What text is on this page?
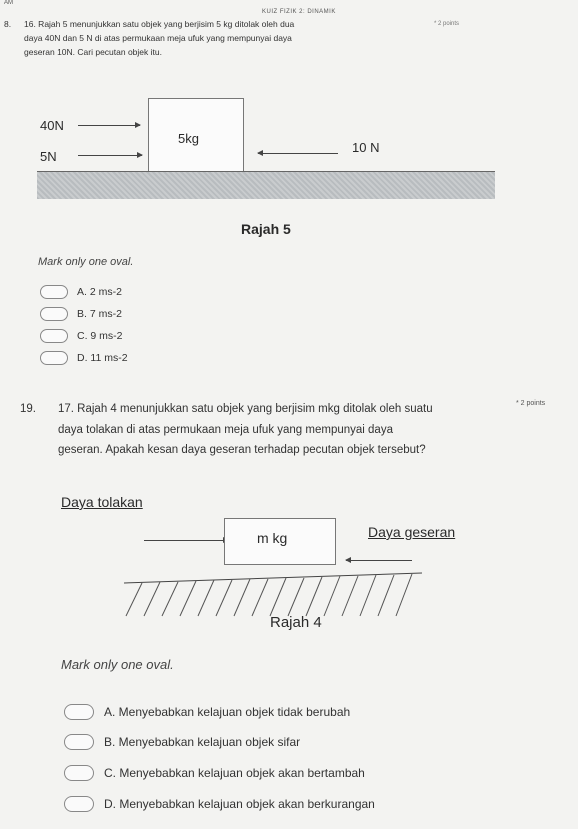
AM
KUIZ FIZIK 2: DINAMIK
8. 16. Rajah 5 menunjukkan satu objek yang berjisim 5 kg ditolak oleh dua	* 2 points
daya 40N dan 5 N di atas permukaan meja ufuk yang mempunyai daya
geseran 10N. Cari pecutan objek itu.
40N
5N
5kg
10 N
Rajah 5
Mark only one oval.
A. 2 ms-2
B. 7 ms-2
C. 9 ms-2
D. 11 ms-2
19. 17. Rajah 4 menunjukkan satu objek yang berjisim mkg ditolak oleh suatu	* 2 points
daya tolakan di atas permukaan meja ufuk yang mempunyai daya
geseran. Apakah kesan daya geseran terhadap pecutan objek tersebut?
Daya tolakan
m kg	Daya geseran
Rajah 4
Mark only one oval.
A. Menyebabkan kelajuan objek tidak berubah
B. Menyebabkan kelajuan objek sifar
C. Menyebabkan kelajuan objek akan bertambah
D. Menyebabkan kelajuan objek akan berkurangan
